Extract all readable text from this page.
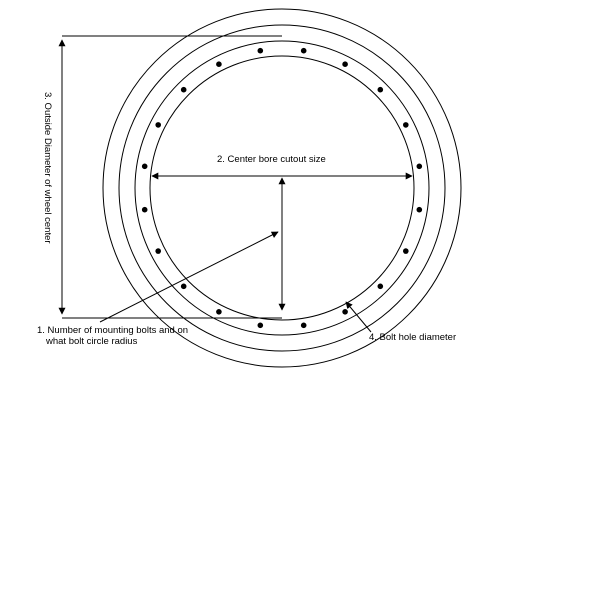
3. Outside Diameter of wheel center	2. Center bore cutout size
1. Number of mounting bolts and on
what bolt circle radius	4. Bolt hole diameter
